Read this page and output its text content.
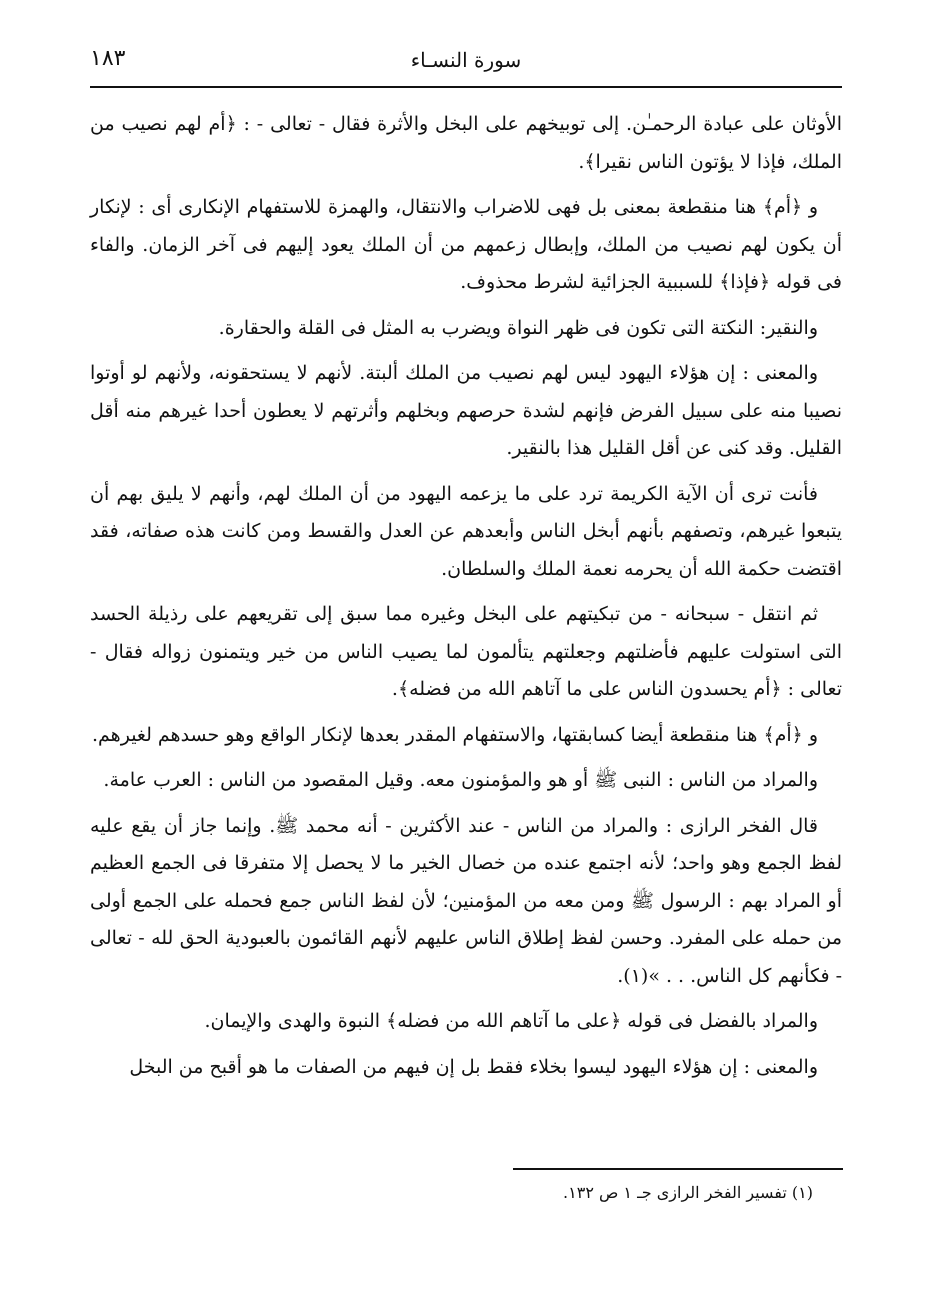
سورة النسـاء
١٨٣

الأوثان على عبادة الرحمـٰن. إلى توبيخهم على البخل والأثرة فقال - تعالى - : ﴿أم لهم نصيب من الملك، فإذا لا يؤتون الناس نقيرا﴾.

و ﴿أم﴾ هنا منقطعة بمعنى بل فهى للاضراب والانتقال، والهمزة للاستفهام الإنكارى أى : لإنكار أن يكون لهم نصيب من الملك، وإبطال زعمهم من أن الملك يعود إليهم فى آخر الزمان. والفاء فى قوله ﴿فإذا﴾ للسببية الجزائية لشرط محذوف.

والنقير: النكتة التى تكون فى ظهر النواة ويضرب به المثل فى القلة والحقارة.

والمعنى : إن هؤلاء اليهود ليس لهم نصيب من الملك ألبتة. لأنهم لا يستحقونه، ولأنهم لو أوتوا نصيبا منه على سبيل الفرض فإنهم لشدة حرصهم وبخلهم وأثرتهم لا يعطون أحدا غيرهم منه أقل القليل. وقد كنى عن أقل القليل هذا بالنقير.

فأنت ترى أن الآية الكريمة ترد على ما يزعمه اليهود من أن الملك لهم، وأنهم لا يليق بهم أن يتبعوا غيرهم، وتصفهم بأنهم أبخل الناس وأبعدهم عن العدل والقسط ومن كانت هذه صفاته، فقد اقتضت حكمة الله أن يحرمه نعمة الملك والسلطان.

ثم انتقل - سبحانه - من تبكيتهم على البخل وغيره مما سبق إلى تقريعهم على رذيلة الحسد التى استولت عليهم فأضلتهم وجعلتهم يتألمون لما يصيب الناس من خير ويتمنون زواله فقال - تعالى : ﴿أم يحسدون الناس على ما آتاهم الله من فضله﴾.

و ﴿أم﴾ هنا منقطعة أيضا كسابقتها، والاستفهام المقدر بعدها لإنكار الواقع وهو حسدهم لغيرهم.

والمراد من الناس : النبى ﷺ أو هو والمؤمنون معه. وقيل المقصود من الناس : العرب عامة.

قال الفخر الرازى : والمراد من الناس - عند الأكثرين - أنه محمد ﷺ. وإنما جاز أن يقع عليه لفظ الجمع وهو واحد؛ لأنه اجتمع عنده من خصال الخير ما لا يحصل إلا متفرقا فى الجمع العظيم أو المراد بهم : الرسول ﷺ ومن معه من المؤمنين؛ لأن لفظ الناس جمع فحمله على الجمع أولى من حمله على المفرد. وحسن لفظ إطلاق الناس عليهم لأنهم القائمون بالعبودية الحق لله - تعالى - فكأنهم كل الناس. . . »(١).

والمراد بالفضل فى قوله ﴿على ما آتاهم الله من فضله﴾ النبوة والهدى والإيمان.

والمعنى : إن هؤلاء اليهود ليسوا بخلاء فقط بل إن فيهم من الصفات ما هو أقبح من البخل

(١) تفسير الفخر الرازى جـ ١ ص ١٣٢.
